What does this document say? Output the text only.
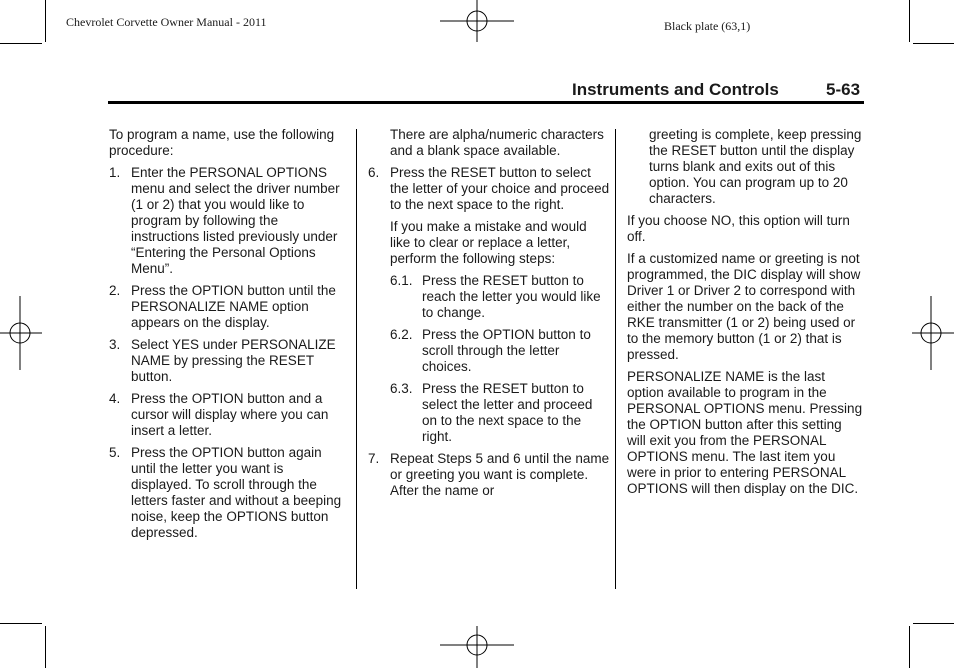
Chevrolet Corvette Owner Manual - 2011	Black plate (63,1)
Instruments and Controls	5-63

To program a name, use the following procedure:

1. Enter the PERSONAL OPTIONS menu and select the driver number (1 or 2) that you would like to program by following the instructions listed previously under “Entering the Personal Options Menu”.
2. Press the OPTION button until the PERSONALIZE NAME option appears on the display.
3. Select YES under PERSONALIZE NAME by pressing the RESET button.
4. Press the OPTION button and a cursor will display where you can insert a letter.
5. Press the OPTION button again until the letter you want is displayed. To scroll through the letters faster and without a beeping noise, keep the OPTIONS button depressed.

There are alpha/numeric characters and a blank space available.

6. Press the RESET button to select the letter of your choice and proceed to the next space to the right.

If you make a mistake and would like to clear or replace a letter, perform the following steps:

6.1. Press the RESET button to reach the letter you would like to change.
6.2. Press the OPTION button to scroll through the letter choices.
6.3. Press the RESET button to select the letter and proceed on to the next space to the right.
7. Repeat Steps 5 and 6 until the name or greeting you want is complete. After the name or

greeting is complete, keep pressing the RESET button until the display turns blank and exits out of this option. You can program up to 20 characters.

If you choose NO, this option will turn off.

If a customized name or greeting is not programmed, the DIC display will show Driver 1 or Driver 2 to correspond with either the number on the back of the RKE transmitter (1 or 2) being used or to the memory button (1 or 2) that is pressed.

PERSONALIZE NAME is the last option available to program in the PERSONAL OPTIONS menu. Pressing the OPTION button after this setting will exit you from the PERSONAL OPTIONS menu. The last item you were in prior to entering PERSONAL OPTIONS will then display on the DIC.
